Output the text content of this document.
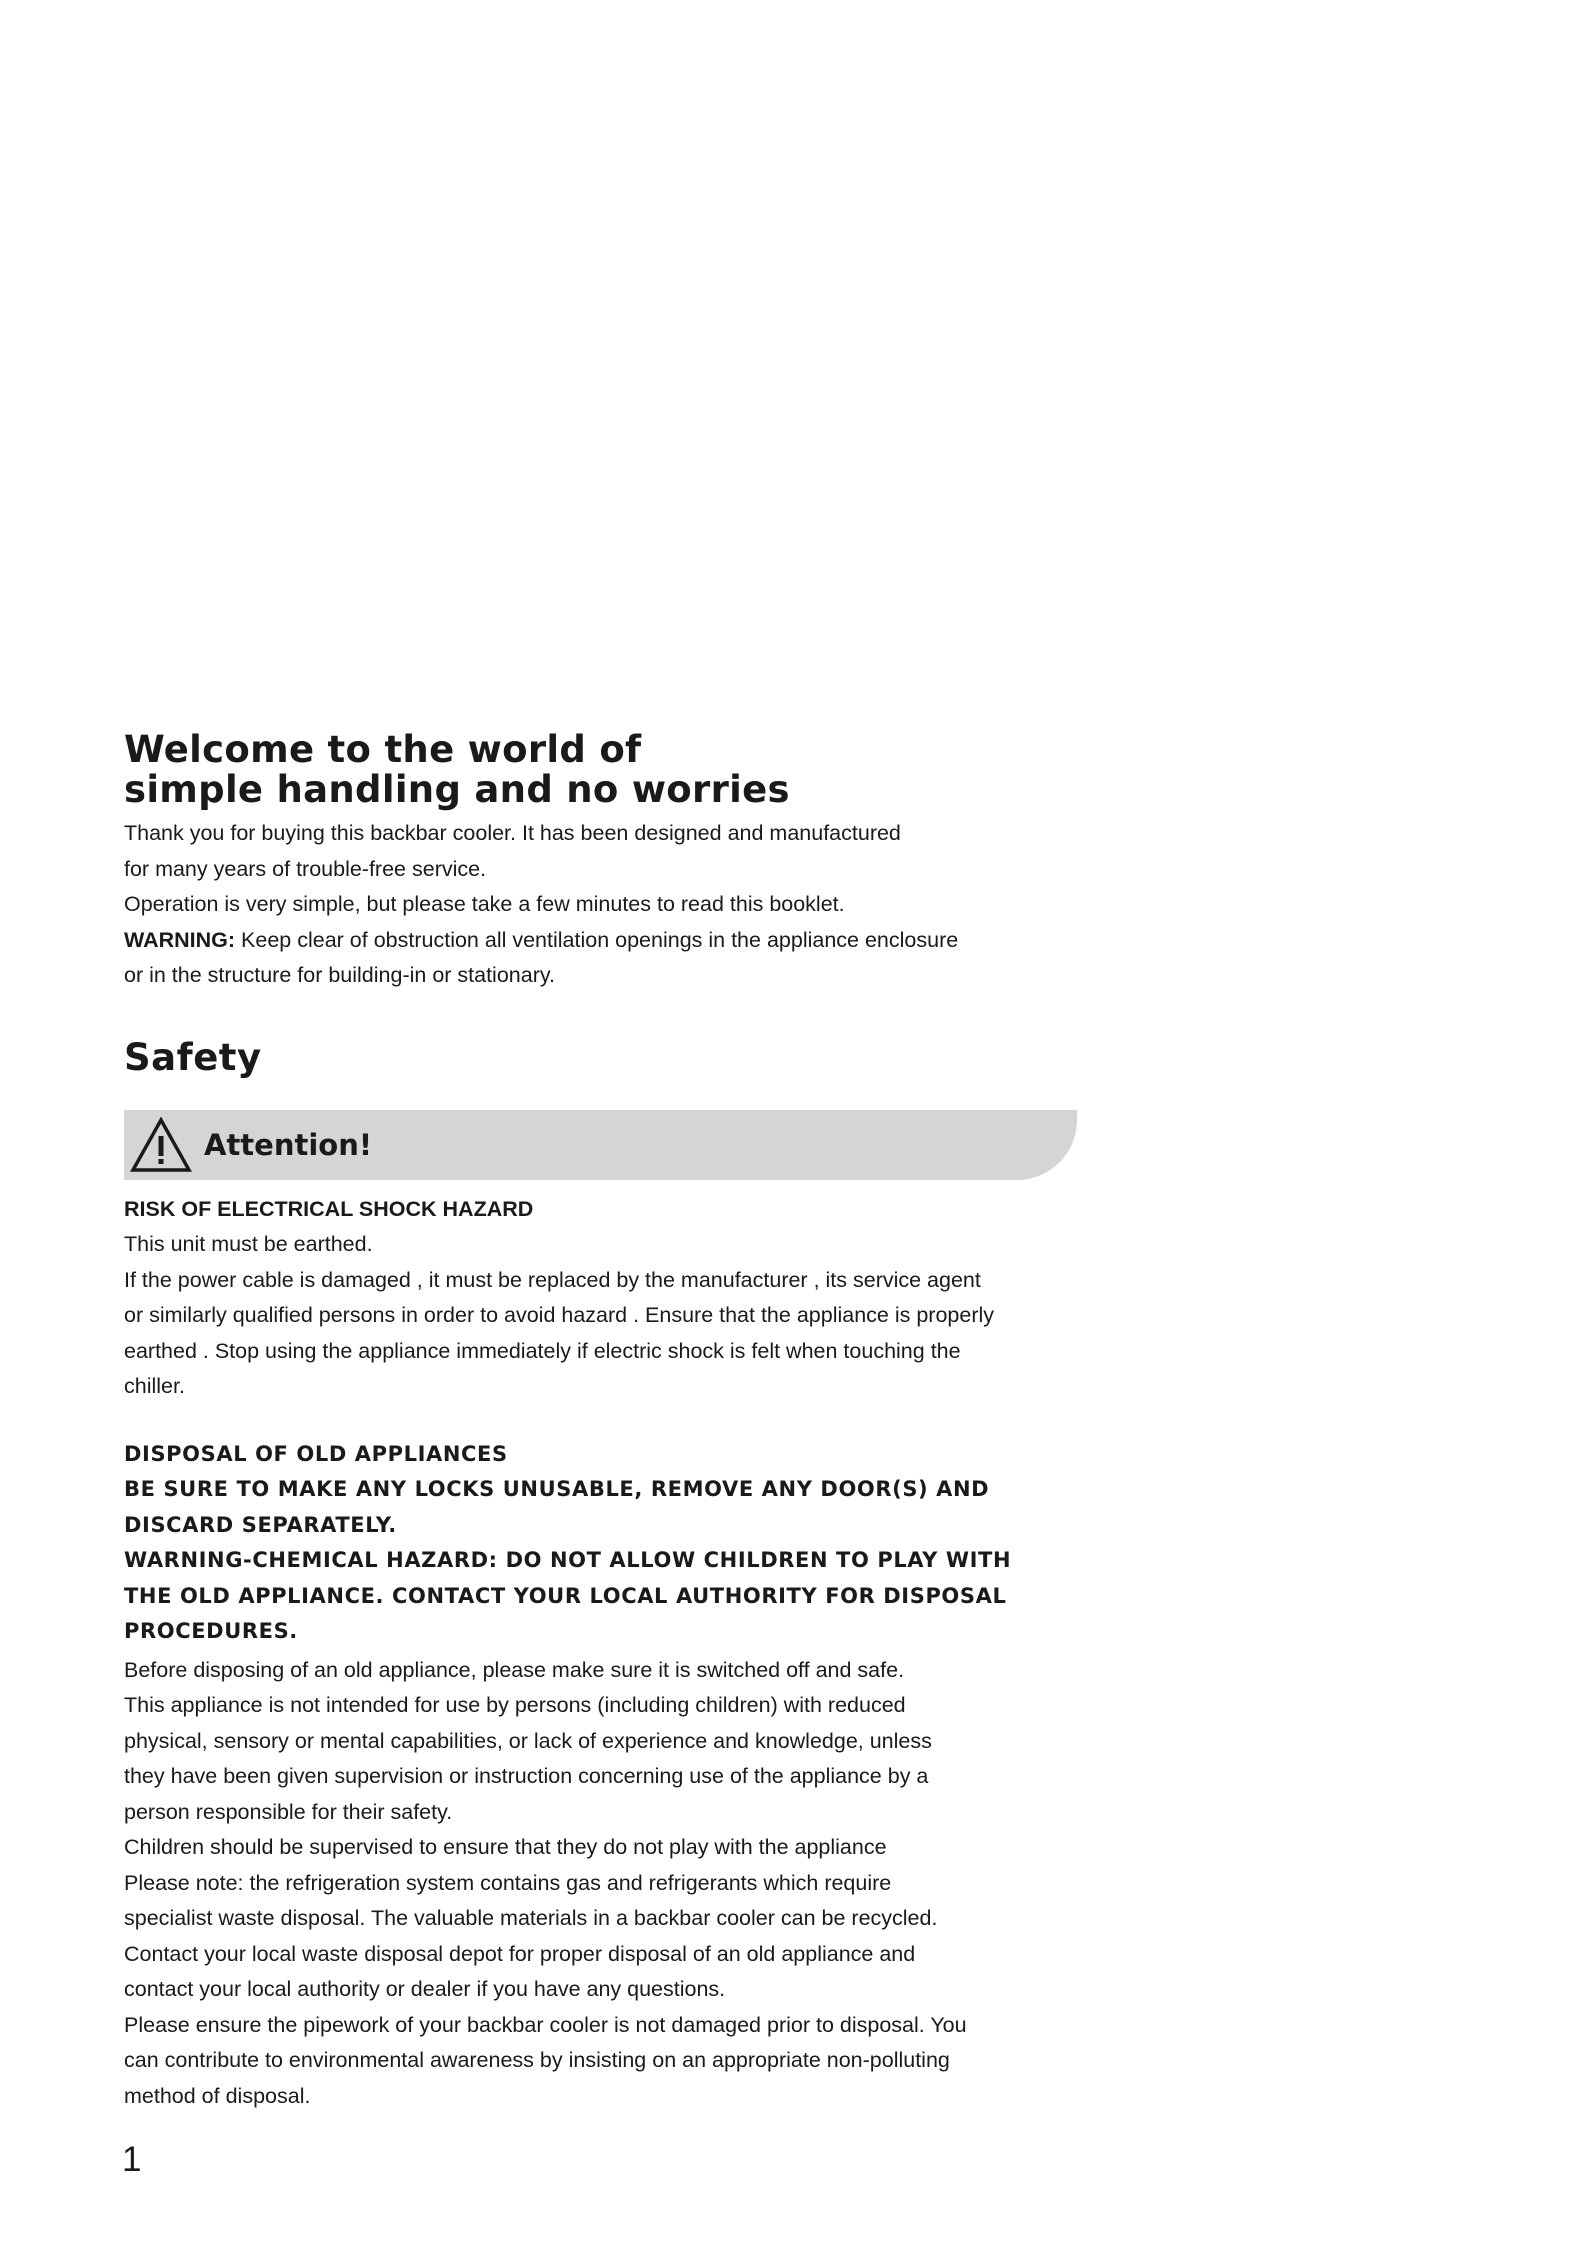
Welcome to the world of
simple handling and no worries

Thank you for buying this backbar cooler. It has been designed and manufactured

for many years of trouble-free service.

Operation is very simple, but please take a few minutes to read this booklet.

WARNING: Keep clear of obstruction all ventilation openings in the appliance enclosure

or in the structure for building-in or stationary.

Safety
Attention!

RISK OF ELECTRICAL SHOCK HAZARD

This unit must be earthed.

If the power cable is damaged , it must be replaced by the manufacturer , its service agent

or similarly qualified persons in order to avoid hazard . Ensure that the appliance is properly

earthed . Stop using the appliance immediately if electric shock is felt when touching the

chiller.

DISPOSAL OF OLD APPLIANCES

BE SURE TO MAKE ANY LOCKS UNUSABLE, REMOVE ANY DOOR(S) AND

DISCARD SEPARATELY.

WARNING-CHEMICAL HAZARD: DO NOT ALLOW CHILDREN TO PLAY WITH

THE OLD APPLIANCE. CONTACT YOUR LOCAL AUTHORITY FOR DISPOSAL

PROCEDURES.

Before disposing of an old appliance, please make sure it is switched off and safe.

This appliance is not intended for use by persons (including children) with reduced

physical, sensory or mental capabilities, or lack of experience and knowledge, unless

they have been given supervision or instruction concerning use of the appliance by a

person responsible for their safety.

Children should be supervised to ensure that they do not play with the appliance

Please note: the refrigeration system contains gas and refrigerants which require

specialist waste disposal. The valuable materials in a backbar cooler can be recycled.

Contact your local waste disposal depot for proper disposal of an old appliance and

contact your local authority or dealer if you have any questions.

Please ensure the pipework of your backbar cooler is not damaged prior to disposal. You

can contribute to environmental awareness by insisting on an appropriate non-polluting

method of disposal.

1
